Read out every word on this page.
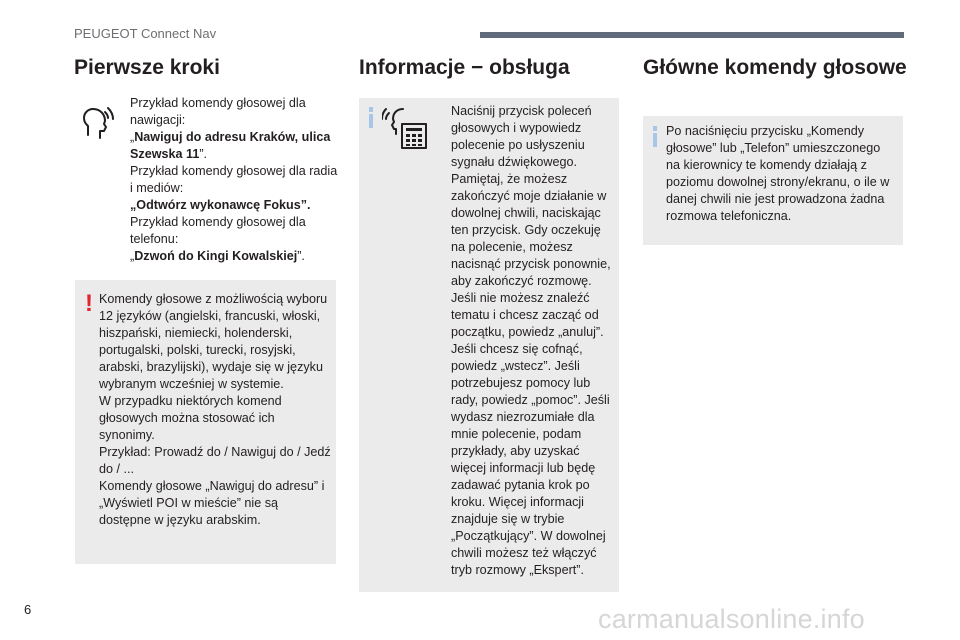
PEUGEOT Connect Nav
Pierwsze kroki
Przykład komendy głosowej dla nawigacji:
„Nawiguj do adresu Kraków, ulica Szewska 11”.
Przykład komendy głosowej dla radia i mediów:
„Odtwórz wykonawcę Fokus”.
Przykład komendy głosowej dla telefonu:
„Dzwoń do Kingi Kowalskiej”.
! Komendy głosowe z możliwością wyboru 12 języków (angielski, francuski, włoski, hiszpański, niemiecki, holenderski, portugalski, polski, turecki, rosyjski, arabski, brazylijski), wydaje się w języku wybranym wcześniej w systemie.
W przypadku niektórych komend głosowych można stosować ich synonimy.
Przykład: Prowadź do / Nawiguj do / Jedź do / ...
Komendy głosowe „Nawiguj do adresu” i „Wyświetl POI w mieście” nie są dostępne w języku arabskim.
Informacje − obsługa
Naciśnij przycisk poleceń głosowych i wypowiedz polecenie po usłyszeniu sygnału dźwiękowego. Pamiętaj, że możesz zakończyć moje działanie w dowolnej chwili, naciskając ten przycisk. Gdy oczekuję na polecenie, możesz nacisnąć przycisk ponownie, aby zakończyć rozmowę. Jeśli nie możesz znaleźć tematu i chcesz zacząć od początku, powiedz „anuluj”. Jeśli chcesz się cofnąć, powiedz „wstecz”. Jeśli potrzebujesz pomocy lub rady, powiedz „pomoc”. Jeśli wydasz niezrozumiałe dla mnie polecenie, podam przykłady, aby uzyskać więcej informacji lub będę zadawać pytania krok po kroku. Więcej informacji znajduje się w trybie „Początkujący”. W dowolnej chwili możesz też włączyć tryb rozmowy „Ekspert”.
Główne komendy głosowe
Po naciśnięciu przycisku „Komendy głosowe” lub „Telefon” umieszczonego na kierownicy te komendy działają z poziomu dowolnej strony/ekranu, o ile w danej chwili nie jest prowadzona żadna rozmowa telefoniczna.
6	carmanualsonline.info
